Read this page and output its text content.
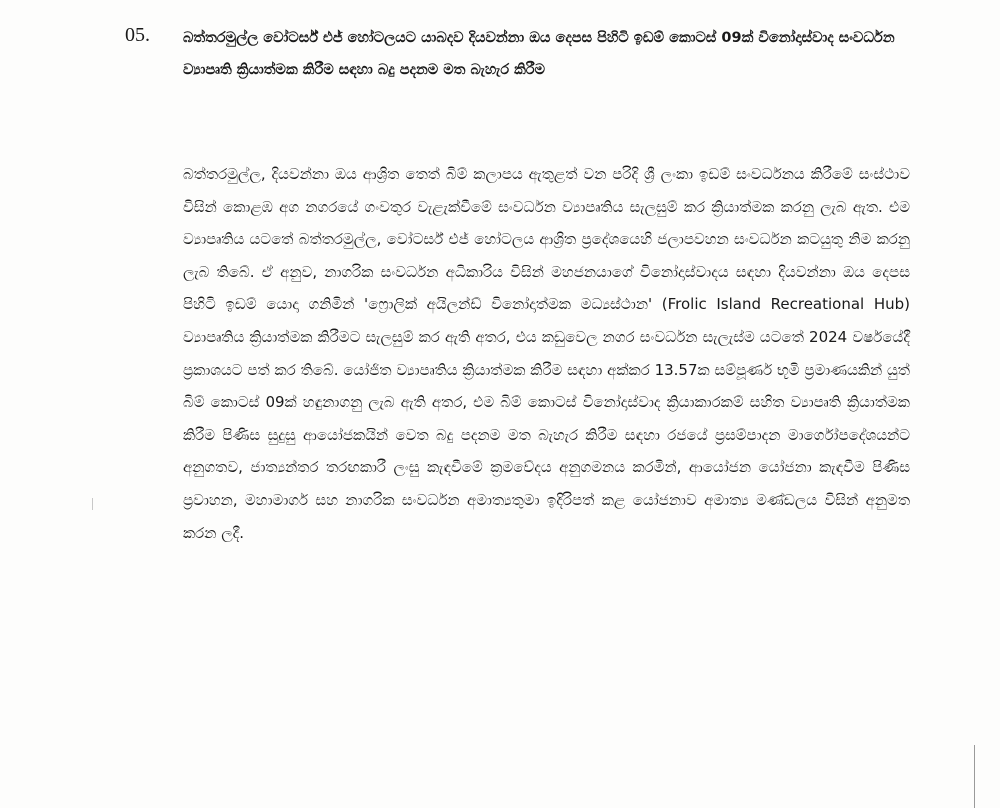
05. බත්තරමුල්ල වෝටර්ස් එජ් හෝටලයට යාබදව දියවන්නා ඔය දෙපස පිහිටි ඉඩම් කොටස් 09ක් විනෝදාස්වාද සංවර්ධන ව්‍යාපෘති ක්‍රියාත්මක කිරීම සඳහා බදු පදනම මත බැහැර කිරීම
බත්තරමුල්ල, දියවන්නා ඔය ආශ්‍රිත තෙත් බිම් කලාපය ඇතුළත් වන පරිදි ශ්‍රී ලංකා ඉඩම් සංවර්ධනය කිරීමේ සංස්ථාව විසින් කොළඹ අග නගරයේ ගංවතුර වැළැක්වීමේ සංවර්ධන ව්‍යාපෘතිය සැලසුම් කර ක්‍රියාත්මක කරනු ලැබ ඇත. එම ව්‍යාපෘතිය යටතේ බත්තරමුල්ල, වෝටර්ස් එජ් හෝටලය ආශ්‍රිත ප්‍රදේශයෙහි ජලාපවහන සංවර්ධන කටයුතු නිම කරනු ලැබ තිබේ. ඒ අනුව, නාගරික සංවර්ධන අධිකාරිය විසින් මහජනයාගේ විනෝදාස්වාදය සඳහා දියවන්නා ඔය දෙපස පිහිටි ඉඩම් යොදා ගනිමින් 'ෆ්‍රොලික් අයිලන්ඩ් විනෝදාත්මක මධ්‍යස්ථාන' (Frolic Island Recreational Hub) ව්‍යාපෘතිය ක්‍රියාත්මක කිරීමට සැලසුම් කර ඇති අතර, එය කඩුවෙල නගර සංවර්ධන සැලැස්ම යටතේ 2024 වර්ෂයේදී ප්‍රකාශයට පත් කර තිබේ. යෝජිත ව්‍යාපෘතිය ක්‍රියාත්මක කිරීම සඳහා අක්කර 13.57ක සම්පූර්ණ භූමි ප්‍රමාණයකින් යුත් බිම් කොටස් 09ක් හඳුනාගනු ලැබ ඇති අතර, එම බිම් කොටස් විනෝදාස්වාද ක්‍රියාකාරකම් සහිත ව්‍යාපෘති ක්‍රියාත්මක කිරීම පිණිස සුදුසු ආයෝජකයින් වෙත බදු පදනම මත බැහැර කිරීම සඳහා රජයේ ප්‍රසම්පාදන මාර්ගෝපදේශයන්ට අනුගතව, ජාත්‍යන්තර තරඟකාරී ලංසු කැඳවීමේ ක්‍රමවේදය අනුගමනය කරමින්, ආයෝජන යෝජනා කැඳවීම පිණිස ප්‍රවාහන, මහාමාර්ග සහ නාගරික සංවර්ධන අමාත්‍යතුමා ඉදිරිපත් කළ යෝජනාව අමාත්‍ය මණ්ඩලය විසින් අනුමත කරන ලදී.
